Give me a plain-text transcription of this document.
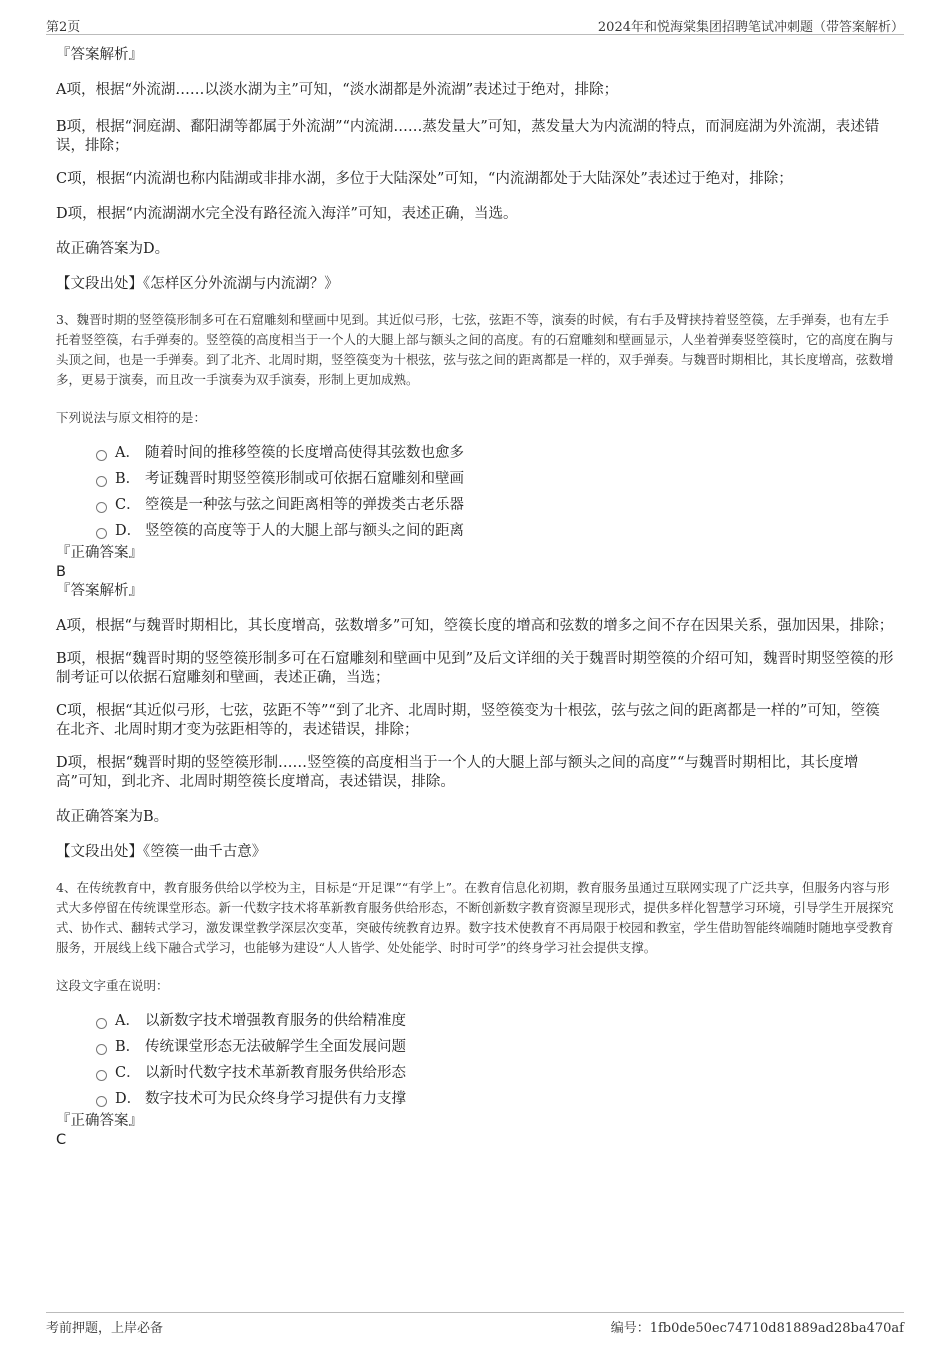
第2页	2024年和悦海棠集团招聘笔试冲刺题（带答案解析）

『答案解析』

A项，根据“外流湖……以淡水湖为主”可知，“淡水湖都是外流湖”表述过于绝对，排除；

B项，根据“洞庭湖、鄱阳湖等都属于外流湖”“内流湖……蒸发量大”可知，蒸发量大为内流湖的特点，而洞庭湖为外流湖，表述错误，排除；

C项，根据“内流湖也称内陆湖或非排水湖，多位于大陆深处”可知，“内流湖都处于大陆深处”表述过于绝对，排除；

D项，根据“内流湖湖水完全没有路径流入海洋”可知，表述正确，当选。

故正确答案为D。

【文段出处】《怎样区分外流湖与内流湖？》

3、魏晋时期的竖箜篌形制多可在石窟雕刻和壁画中见到。其近似弓形，七弦，弦距不等，演奏的时候，有右手及臂挟持着竖箜篌，左手弹奏，也有左手托着竖箜篌，右手弹奏的。竖箜篌的高度相当于一个人的大腿上部与额头之间的高度。有的石窟雕刻和壁画显示，人坐着弹奏竖箜篌时，它的高度在胸与头顶之间，也是一手弹奏。到了北齐、北周时期，竖箜篌变为十根弦，弦与弦之间的距离都是一样的，双手弹奏。与魏晋时期相比，其长度增高，弦数增多，更易于演奏，而且改一手演奏为双手演奏，形制上更加成熟。

下列说法与原文相符的是：

A． 随着时间的推移箜篌的长度增高使得其弦数也愈多
B． 考证魏晋时期竖箜篌形制或可依据石窟雕刻和壁画
C． 箜篌是一种弦与弦之间距离相等的弹拨类古老乐器
D． 竖箜篌的高度等于人的大腿上部与额头之间的距离

『正确答案』

B

『答案解析』

A项，根据“与魏晋时期相比，其长度增高，弦数增多”可知，箜篌长度的增高和弦数的增多之间不存在因果关系，强加因果，排除；

B项，根据“魏晋时期的竖箜篌形制多可在石窟雕刻和壁画中见到”及后文详细的关于魏晋时期箜篌的介绍可知，魏晋时期竖箜篌的形制考证可以依据石窟雕刻和壁画，表述正确，当选；

C项，根据“其近似弓形，七弦，弦距不等”“到了北齐、北周时期，竖箜篌变为十根弦，弦与弦之间的距离都是一样的”可知，箜篌在北齐、北周时期才变为弦距相等的，表述错误，排除；

D项，根据“魏晋时期的竖箜篌形制……竖箜篌的高度相当于一个人的大腿上部与额头之间的高度”“与魏晋时期相比，其长度增高”可知，到北齐、北周时期箜篌长度增高，表述错误，排除。

故正确答案为B。

【文段出处】《箜篌一曲千古意》

4、在传统教育中，教育服务供给以学校为主，目标是“开足课”“有学上”。在教育信息化初期，教育服务虽通过互联网实现了广泛共享，但服务内容与形式大多停留在传统课堂形态。新一代数字技术将革新教育服务供给形态，不断创新数字教育资源呈现形式，提供多样化智慧学习环境，引导学生开展探究式、协作式、翻转式学习，激发课堂教学深层次变革，突破传统教育边界。数字技术使教育不再局限于校园和教室，学生借助智能终端随时随地享受教育服务，开展线上线下融合式学习，也能够为建设“人人皆学、处处能学、时时可学”的终身学习社会提供支撑。

这段文字重在说明：

A． 以新数字技术增强教育服务的供给精准度
B． 传统课堂形态无法破解学生全面发展问题
C． 以新时代数字技术革新教育服务供给形态
D． 数字技术可为民众终身学习提供有力支撑

『正确答案』

C

考前押题，上岸必备	编号：1fb0de50ec74710d81889ad28ba470af
